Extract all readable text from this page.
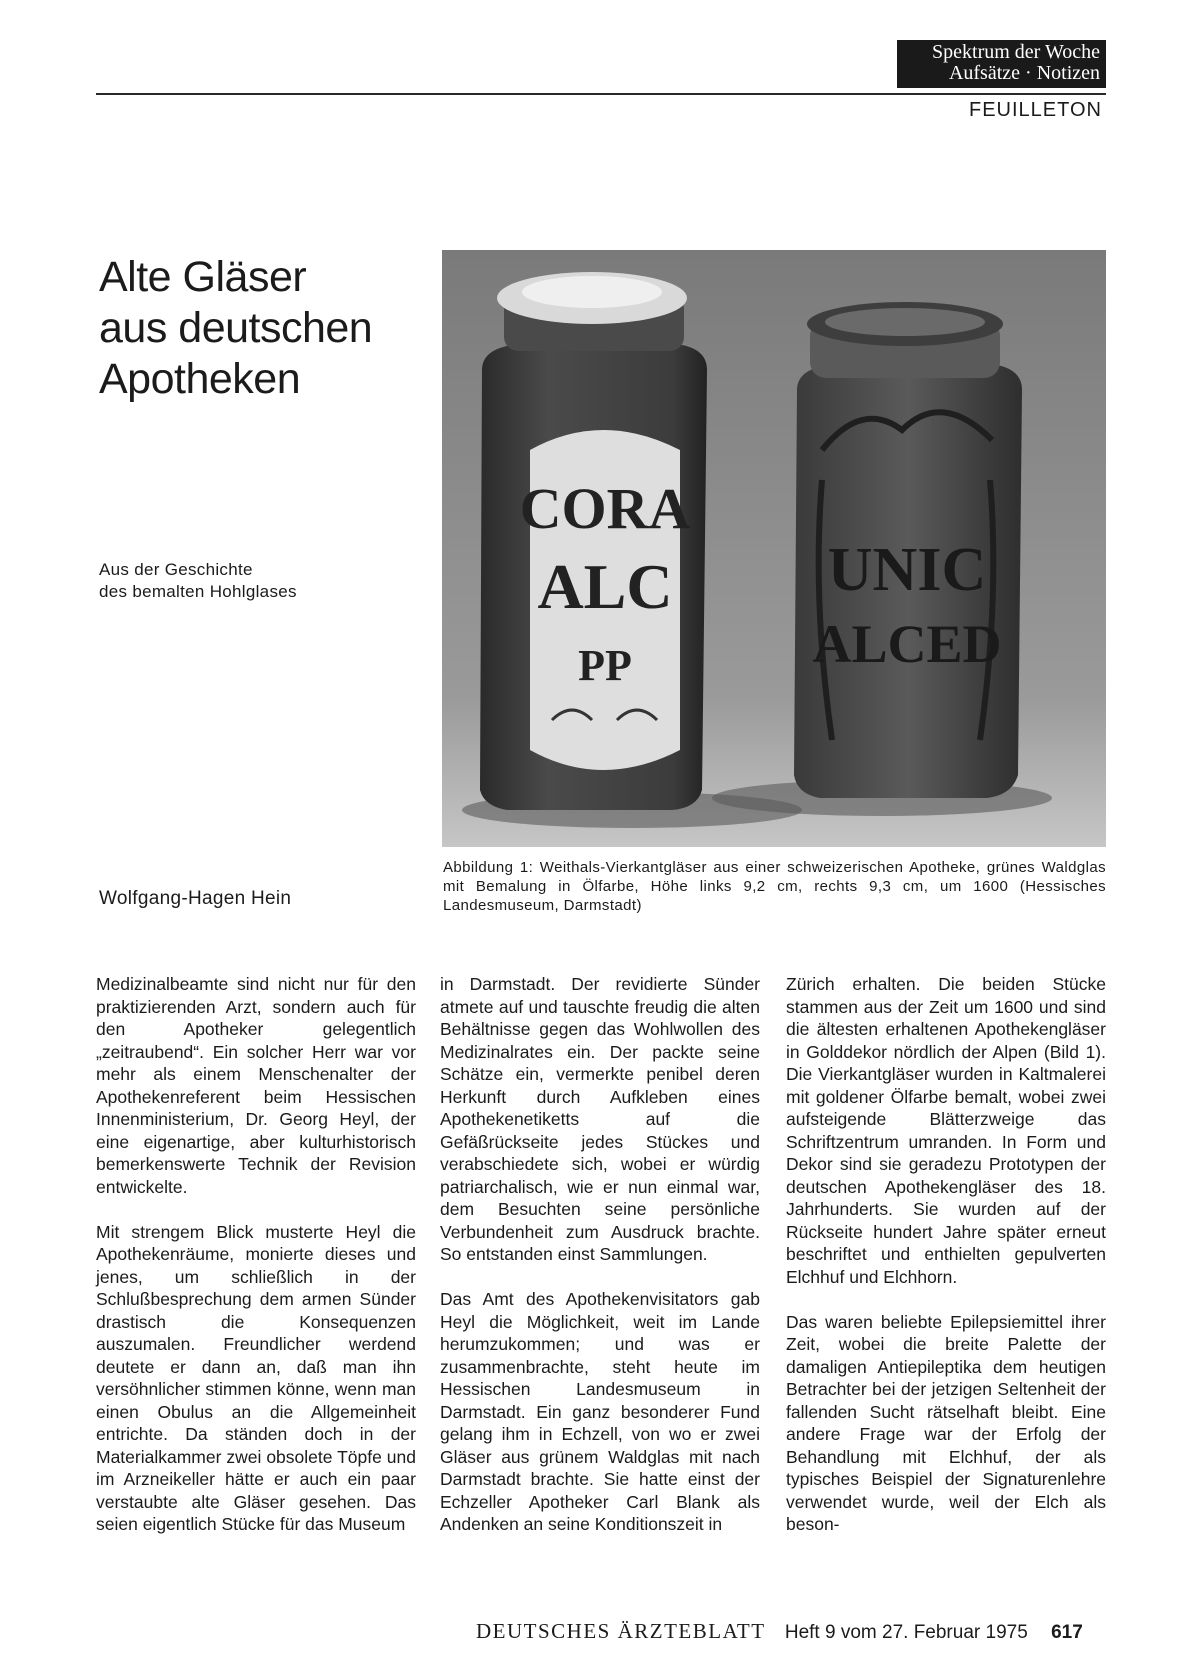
Spektrum der Woche
Aufsätze · Notizen
FEUILLETON
Alte Gläser
aus deutschen
Apotheken
Aus der Geschichte
des bemalten Hohlglases
Wolfgang-Hagen Hein
CORA
ALC
PP
UNIC
ALCED
Abbildung 1: Weithals-Vierkantgläser aus einer schweizerischen Apotheke, grünes Waldglas mit Bemalung in Ölfarbe, Höhe links 9,2 cm, rechts 9,3 cm, um 1600 (Hessisches Landesmuseum, Darmstadt)

Medizinalbeamte sind nicht nur für den praktizierenden Arzt, sondern auch für den Apotheker gelegentlich „zeitraubend“. Ein solcher Herr war vor mehr als einem Menschenalter der Apothekenreferent beim Hessischen Innenministerium, Dr. Georg Heyl, der eine eigenartige, aber kulturhistorisch bemerkenswerte Technik der Revision entwickelte.

Mit strengem Blick musterte Heyl die Apothekenräume, monierte dieses und jenes, um schließlich in der Schlußbesprechung dem armen Sünder drastisch die Konsequenzen auszumalen. Freundlicher werdend deutete er dann an, daß man ihn versöhnlicher stimmen könne, wenn man einen Obulus an die Allgemeinheit entrichte. Da ständen doch in der Materialkammer zwei obsolete Töpfe und im Arzneikeller hätte er auch ein paar verstaubte alte Gläser gesehen. Das seien eigentlich Stücke für das Museum

in Darmstadt. Der revidierte Sünder atmete auf und tauschte freudig die alten Behältnisse gegen das Wohlwollen des Medizinalrates ein. Der packte seine Schätze ein, vermerkte penibel deren Herkunft durch Aufkleben eines Apothekenetiketts auf die Gefäßrückseite jedes Stückes und verabschiedete sich, wobei er würdig patriarchalisch, wie er nun einmal war, dem Besuchten seine persönliche Verbundenheit zum Ausdruck brachte. So entstanden einst Sammlungen.

Das Amt des Apothekenvisitators gab Heyl die Möglichkeit, weit im Lande herumzukommen; und was er zusammenbrachte, steht heute im Hessischen Landesmuseum in Darmstadt. Ein ganz besonderer Fund gelang ihm in Echzell, von wo er zwei Gläser aus grünem Waldglas mit nach Darmstadt brachte. Sie hatte einst der Echzeller Apotheker Carl Blank als Andenken an seine Konditionszeit in

Zürich erhalten. Die beiden Stücke stammen aus der Zeit um 1600 und sind die ältesten erhaltenen Apothekengläser in Golddekor nördlich der Alpen (Bild 1). Die Vierkantgläser wurden in Kaltmalerei mit goldener Ölfarbe bemalt, wobei zwei aufsteigende Blätterzweige das Schriftzentrum umranden. In Form und Dekor sind sie geradezu Prototypen der deutschen Apothekengläser des 18. Jahrhunderts. Sie wurden auf der Rückseite hundert Jahre später erneut beschriftet und enthielten gepulverten Elchhuf und Elchhorn.

Das waren beliebte Epilepsiemittel ihrer Zeit, wobei die breite Palette der damaligen Antiepileptika dem heutigen Betrachter bei der jetzigen Seltenheit der fallenden Sucht rätselhaft bleibt. Eine andere Frage war der Erfolg der Behandlung mit Elchhuf, der als typisches Beispiel der Signaturenlehre verwendet wurde, weil der Elch als beson-

DEUTSCHES ÄRZTEBLATT Heft 9 vom 27. Februar 1975 617
